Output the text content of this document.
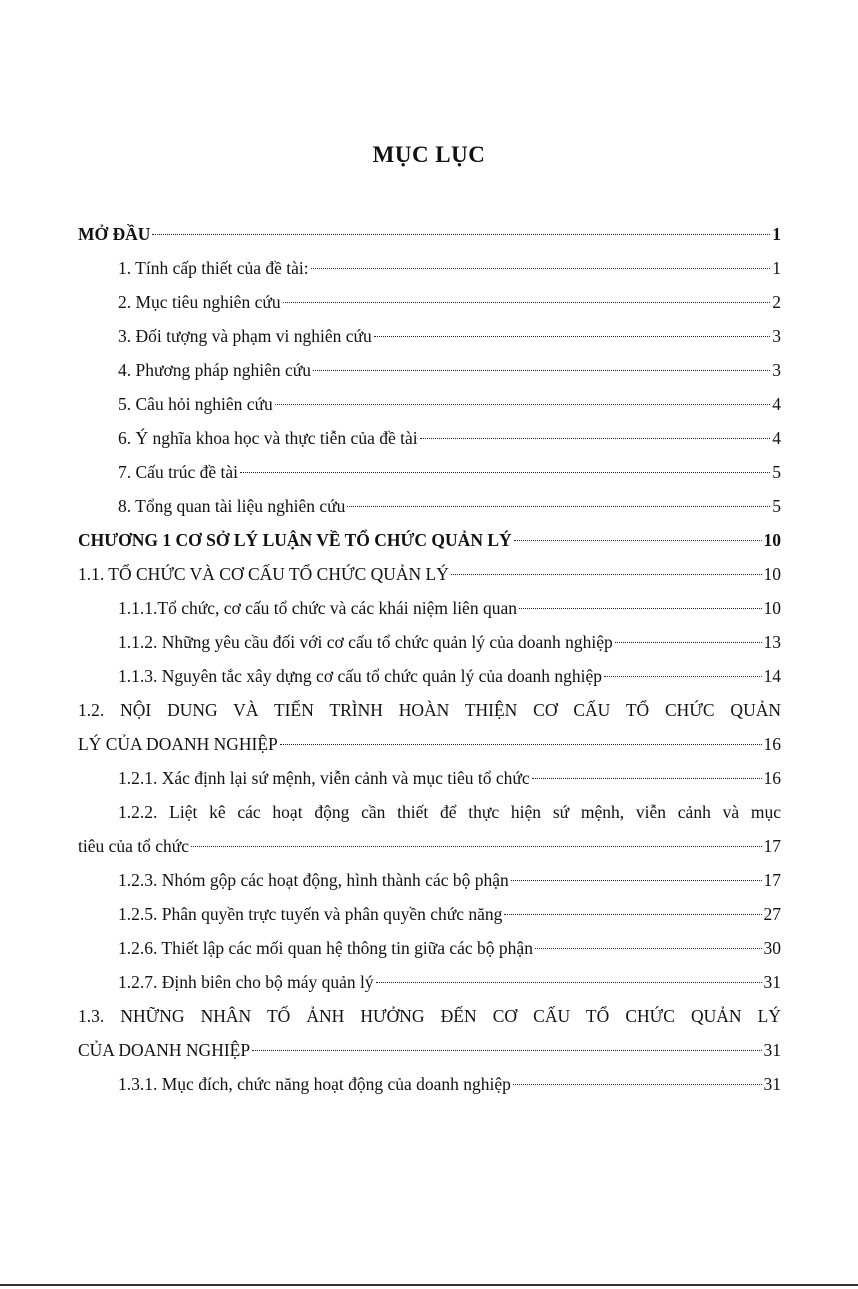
MỤC LỤC
MỞ ĐẦU	1
1. Tính cấp thiết của đề tài:	1
2. Mục tiêu nghiên cứu	2
3. Đối tượng và phạm vi nghiên cứu	3
4. Phương pháp nghiên cứu	3
5. Câu hỏi nghiên cứu	4
6. Ý nghĩa khoa học và thực tiễn của đề tài	4
7. Cấu trúc đề tài	5
8. Tổng quan tài liệu nghiên cứu	5
CHƯƠNG 1 CƠ SỞ LÝ LUẬN VỀ TỔ CHỨC QUẢN LÝ	10
1.1. TỔ CHỨC VÀ CƠ CẤU TỔ CHỨC QUẢN LÝ	10
1.1.1.Tổ chức, cơ cấu tổ chức và các khái niệm liên quan	10
1.1.2. Những yêu cầu đối với cơ cấu tổ chức quản lý của doanh nghiệp	13
1.1.3. Nguyên tắc xây dựng cơ cấu tổ chức quản lý của doanh nghiệp	14
1.2. NỘI DUNG VÀ TIẾN TRÌNH HOÀN THIỆN CƠ CẤU TỔ CHỨC QUẢN
LÝ CỦA DOANH NGHIỆP	16
1.2.1. Xác định lại sứ mệnh, viễn cảnh và mục tiêu tổ chức	16
1.2.2. Liệt kê các hoạt động cần thiết để thực hiện sứ mệnh, viễn cảnh và mục
tiêu của tổ chức	17
1.2.3. Nhóm gộp các hoạt động, hình thành các bộ phận	17
1.2.5. Phân quyền trực tuyến và phân quyền chức năng	27
1.2.6. Thiết lập các mối quan hệ thông tin giữa các bộ phận	30
1.2.7. Định biên cho bộ máy quản lý	31
1.3. NHỮNG NHÂN TỐ ẢNH HƯỞNG ĐẾN CƠ CẤU TỔ CHỨC QUẢN LÝ
CỦA DOANH NGHIỆP	31
1.3.1. Mục đích, chức năng hoạt động của doanh nghiệp	31
